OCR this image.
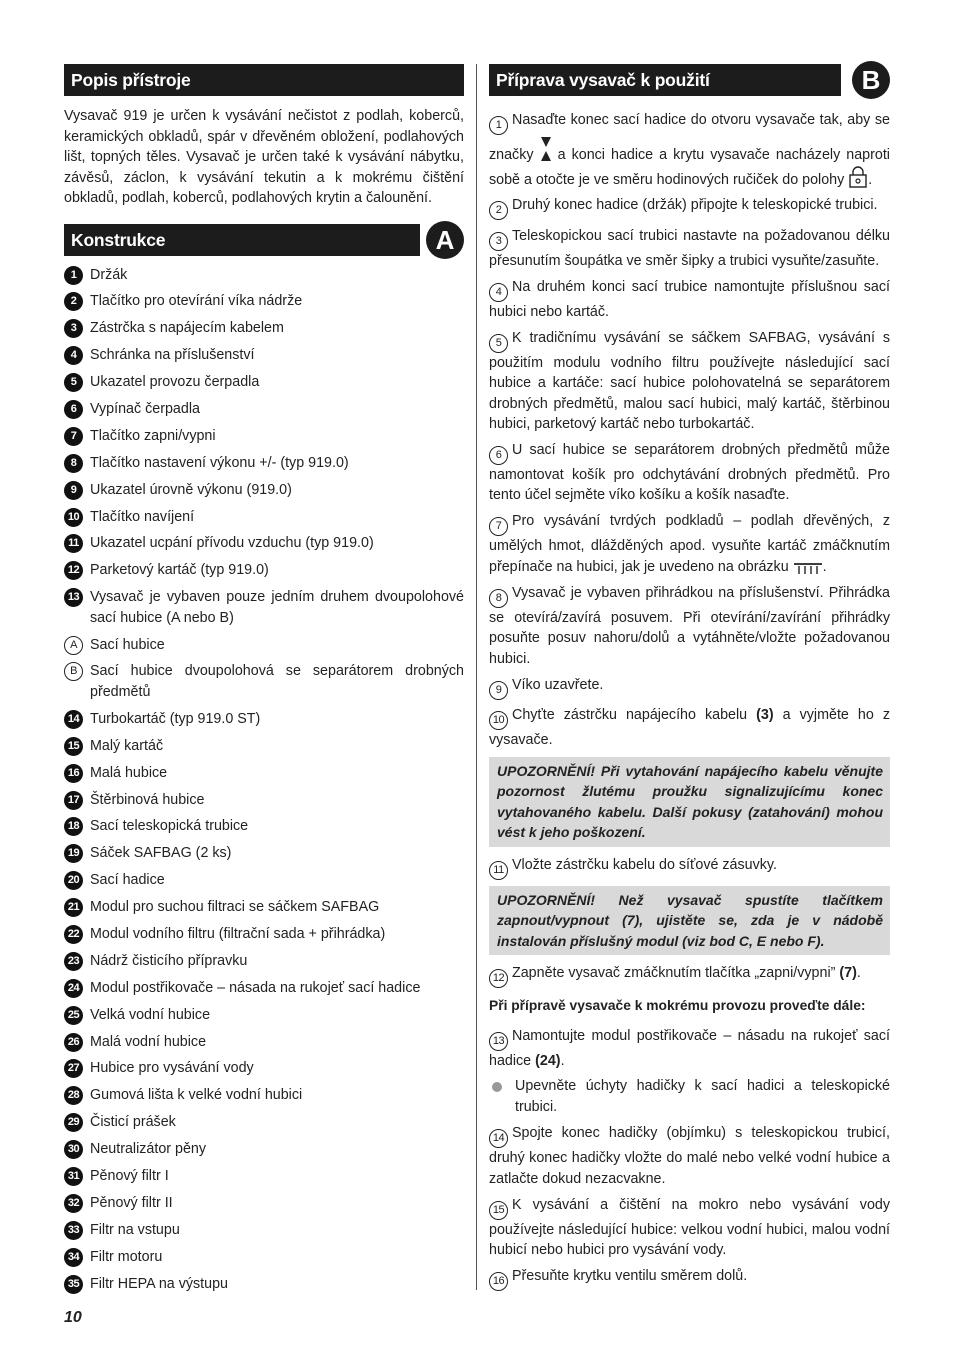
Popis přístroje

Vysavač 919 je určen k vysávání nečistot z podlah, koberců, keramických obkladů, spár v dřevěném obložení, podlahových lišt, topných těles. Vysavač je určen také k vysávání nábytku, závěsů, záclon, k vysávání tekutin a k mokrému čištění obkladů, podlah, koberců, podlahových krytin a čalounění.

Konstrukce	A
1 Držák
2 Tlačítko pro otevírání víka nádrže
3 Zástrčka s napájecím kabelem
4 Schránka na příslušenství
5 Ukazatel provozu čerpadla
6 Vypínač čerpadla
7 Tlačítko zapni/vypni
8 Tlačítko nastavení výkonu +/- (typ 919.0)
9 Ukazatel úrovně výkonu (919.0)
10 Tlačítko navíjení
11 Ukazatel ucpání přívodu vzduchu (typ 919.0)
12 Parketový kartáč (typ 919.0)
13 Vysavač je vybaven pouze jedním druhem dvoupolohové sací hubice (A nebo B)
A Sací hubice
B Sací hubice dvoupolohová se separátorem drobných předmětů
14 Turbokartáč (typ 919.0 ST)
15 Malý kartáč
16 Malá hubice
17 Štěrbinová hubice
18 Sací teleskopická trubice
19 Sáček SAFBAG (2 ks)
20 Sací hadice
21 Modul pro suchou filtraci se sáčkem SAFBAG
22 Modul vodního filtru (filtrační sada + přihrádka)
23 Nádrž čisticího přípravku
24 Modul postřikovače – násada na rukojeť sací hadice
25 Velká vodní hubice
26 Malá vodní hubice
27 Hubice pro vysávání vody
28 Gumová lišta k velké vodní hubici
29 Čisticí prášek
30 Neutralizátor pěny
31 Pěnový filtr I
32 Pěnový filtr II
33 Filtr na vstupu
34 Filtr motoru
35 Filtr HEPA na výstupu
Příprava vysavač k použití	B
1 Nasaďte konec sací hadice do otvoru vysavače tak, aby se značky a konci hadice a krytu vysavače nacházely naproti sobě a otočte je ve směru hodinových ručiček do polohy .
2 Druhý konec hadice (držák) připojte k teleskopické trubici.
3 Teleskopickou sací trubici nastavte na požadovanou délku přesunutím šoupátka ve směr šipky a trubici vysuňte/zasuňte.
4 Na druhém konci sací trubice namontujte příslušnou sací hubici nebo kartáč.
5 K tradičnímu vysávání se sáčkem SAFBAG, vysávání s použitím modulu vodního filtru používejte následující sací hubice a kartáče: sací hubice polohovatelná se separátorem drobných předmětů, malou sací hubici, malý kartáč, štěrbinou hubici, parketový kartáč nebo turbokartáč.
6 U sací hubice se separátorem drobných předmětů může namontovat košík pro odchytávání drobných předmětů. Pro tento účel sejměte víko košíku a košík nasaďte.
7 Pro vysávání tvrdých podkladů – podlah dřevěných, z umělých hmot, dlážděných apod. vysuňte kartáč zmáčknutím přepínače na hubici, jak je uvedeno na obrázku .
8 Vysavač je vybaven přihrádkou na příslušenství. Přihrádka se otevírá/zavírá posuvem. Při otevírání/zavírání přihrádky posuňte posuv nahoru/dolů a vytáhněte/vložte požadovanou hubici.
9 Víko uzavřete.
10 Chyťte zástrčku napájecího kabelu (3) a vyjměte ho z vysavače.
UPOZORNĚNÍ! Při vytahování napájecího kabelu věnujte pozornost žlutému proužku signalizujícímu konec vytahovaného kabelu. Další pokusy (zatahování) mohou vést k jeho poškození.
11 Vložte zástrčku kabelu do síťové zásuvky.
UPOZORNĚNÍ! Než vysavač spustíte tlačítkem zapnout/vypnout (7), ujistěte se, zda je v nádobě instalován příslušný modul (viz bod C, E nebo F).
12 Zapněte vysavač zmáčknutím tlačítka „zapni/vypni” (7).

Při přípravě vysavače k mokrému provozu proveďte dále:

13 Namontujte modul postřikovače – násadu na rukojeť sací hadice (24).
Upevněte úchyty hadičky k sací hadici a teleskopické trubici.
14 Spojte konec hadičky (objímku) s teleskopickou trubicí, druhý konec hadičky vložte do malé nebo velké vodní hubice a zatlačte dokud nezacvakne.
15 K vysávání a čištění na mokro nebo vysávání vody používejte následující hubice: velkou vodní hubici, malou vodní hubicí nebo hubici pro vysávání vody.
16 Přesuňte krytku ventilu směrem dolů.
10
